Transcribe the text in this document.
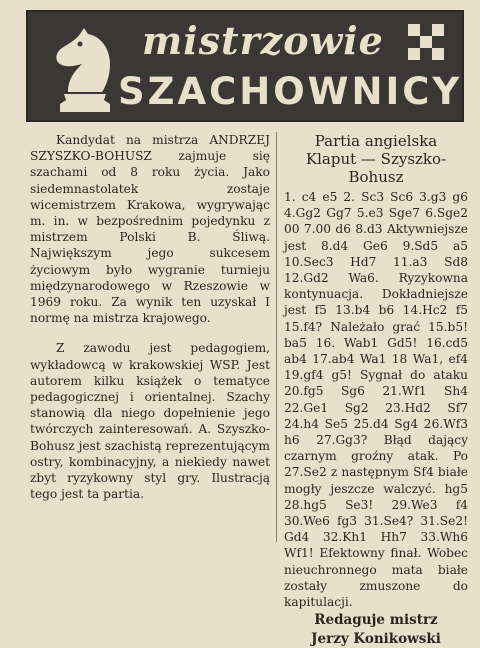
mistrzowie
SZACHOWNICY

Kandydat na mistrza ANDRZEJ SZYSZKO-BOHUSZ zajmuje się szachami od 8 roku życia. Jako siedemnastolatek zostaje wicemistrzem Krakowa, wygrywając m. in. w bezpośrednim pojedynku z mistrzem Polski B. Śliwą. Największym jego sukcesem życiowym było wygranie turnieju międzynarodowego w Rzeszowie w 1969 roku. Za wynik ten uzyskał I normę na mistrza krajowego.

Z zawodu jest pedagogiem, wykładowcą w krakowskiej WSP. Jest autorem kilku książek o tematyce pedagogicznej i orientalnej. Szachy stanowią dla niego dopełnienie jego twórczych zainteresowań. A. Szyszko-Bohusz jest szachistą reprezentującym ostry, kombinacyjny, a niekiedy nawet zbyt ryzykowny styl gry. Ilustracją tego jest ta partia.

Partia angielska

Klaput — Szyszko-Bohusz

1. c4 e5 2. Sc3 Sc6 3.g3 g6 4.Gg2 Gg7 5.e3 Sge7 6.Sge2 00 7.00 d6 8.d3 Aktywniejsze jest 8.d4 Ge6 9.Sd5 a5 10.Sec3 Hd7 11.a3 Sd8 12.Gd2 Wa6. Ryzykowna kontynuacja. Dokładniejsze jest f5 13.b4 b6 14.Hc2 f5 15.f4? Należało grać 15.b5! ba5 16. Wab1 Gd5! 16.cd5 ab4 17.ab4 Wa1 18 Wa1, ef4 19.gf4 g5! Sygnał do ataku 20.fg5 Sg6 21.Wf1 Sh4 22.Ge1 Sg2 23.Hd2 Sf7 24.h4 Se5 25.d4 Sg4 26.Wf3 h6 27.Gg3? Błąd dający czarnym groźny atak. Po 27.Se2 z następnym Sf4 białe mogły jeszcze walczyć. hg5 28.hg5 Se3! 29.We3 f4 30.We6 fg3 31.Se4? 31.Se2! Gd4 32.Kh1 Hh7 33.Wh6 Wf1! Efektowny finał. Wobec nieuchronnego mata białe zostały zmuszone do kapitulacji.

Redaguje mistrz

Jerzy Konikowski
